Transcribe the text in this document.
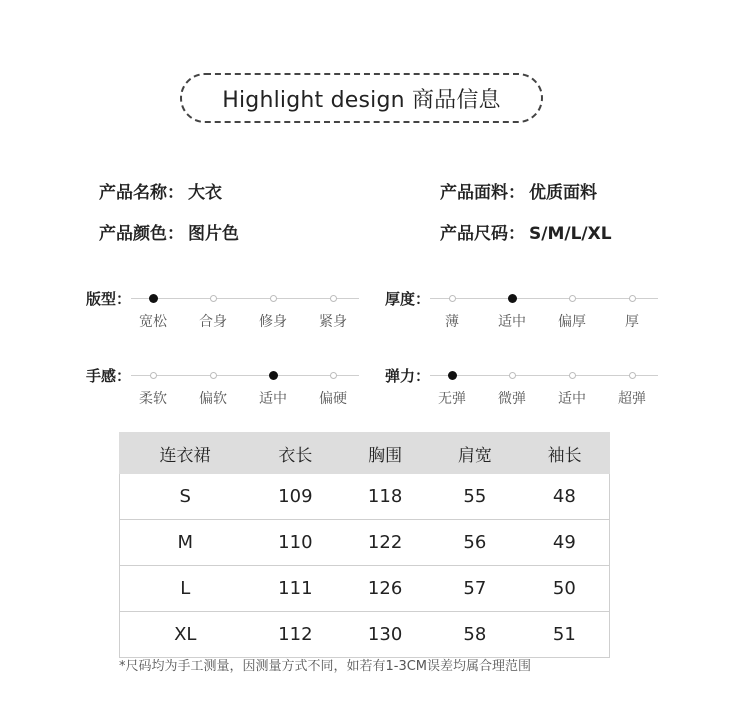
Highlight design 商品信息
产品名称： 大衣	产品面料： 优质面料
产品颜色： 图片色	产品尺码： S/M/L/XL
版型：
宽松 合身 修身 紧身
厚度：
薄	适中 偏厚	厚
手感：
柔软 偏软 适中 偏硬
弹力：
无弹 微弹 适中 超弹
连衣裙	衣长	胸围	肩宽	袖长
S	109	118	55	48
M	110	122	56	49
L	111	126	57	50
XL	112	130	58	51
*尺码均为手工测量，因测量方式不同，如若有1-3CM误差均属合理范围
